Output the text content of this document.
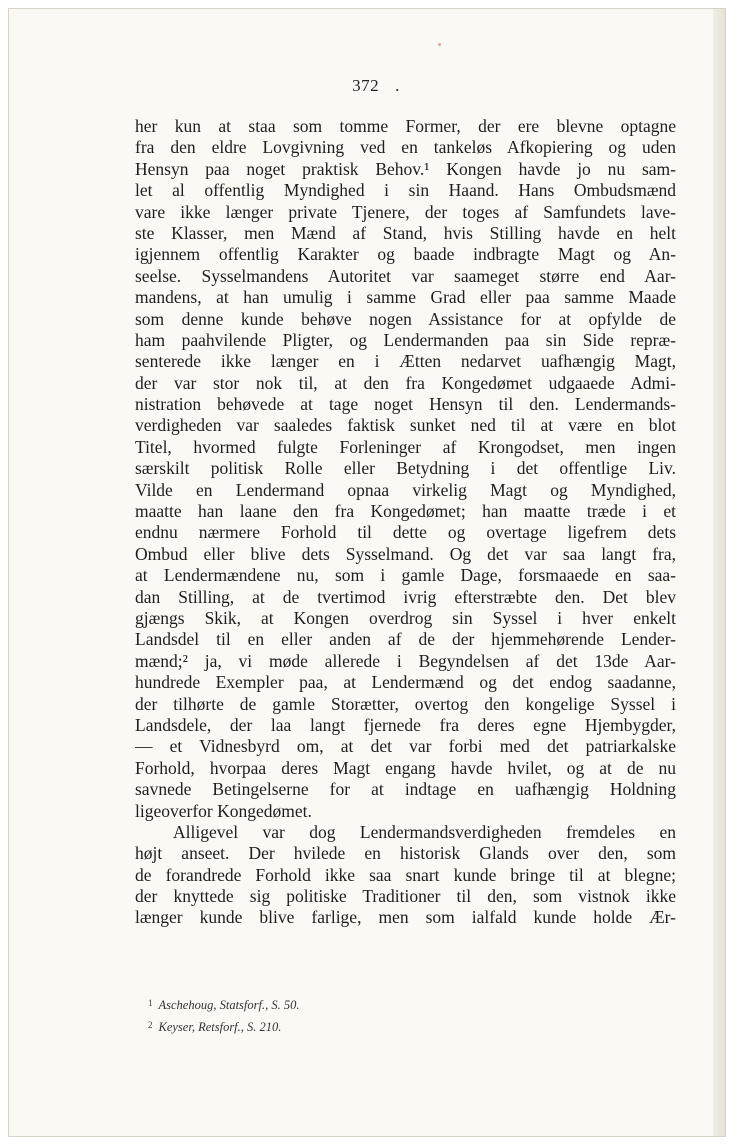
372 .
her kun at staa som tomme Former, der ere blevne optagne
fra den eldre Lovgivning ved en tankeløs Afkopiering og uden
Hensyn paa noget praktisk Behov.¹ Kongen havde jo nu sam-
let al offentlig Myndighed i sin Haand. Hans Ombudsmænd
vare ikke længer private Tjenere, der toges af Samfundets lave-
ste Klasser, men Mænd af Stand, hvis Stilling havde en helt
igjennem offentlig Karakter og baade indbragte Magt og An-
seelse. Sysselmandens Autoritet var saameget større end Aar-
mandens, at han umulig i samme Grad eller paa samme Maade
som denne kunde behøve nogen Assistance for at opfylde de
ham paahvilende Pligter, og Lendermanden paa sin Side repræ-
senterede ikke længer en i Ætten nedarvet uafhængig Magt,
der var stor nok til, at den fra Kongedømet udgaaede Admi-
nistration behøvede at tage noget Hensyn til den. Lendermands-
verdigheden var saaledes faktisk sunket ned til at være en blot
Titel, hvormed fulgte Forleninger af Krongodset, men ingen
særskilt politisk Rolle eller Betydning i det offentlige Liv.
Vilde en Lendermand opnaa virkelig Magt og Myndighed,
maatte han laane den fra Kongedømet; han maatte træde i et
endnu nærmere Forhold til dette og overtage ligefrem dets
Ombud eller blive dets Sysselmand. Og det var saa langt fra,
at Lendermændene nu, som i gamle Dage, forsmaaede en saa-
dan Stilling, at de tvertimod ivrig efterstræbte den. Det blev
gjængs Skik, at Kongen overdrog sin Syssel i hver enkelt
Landsdel til en eller anden af de der hjemmehørende Lender-
mænd;² ja, vi møde allerede i Begyndelsen af det 13de Aar-
hundrede Exempler paa, at Lendermænd og det endog saadanne,
der tilhørte de gamle Storætter, overtog den kongelige Syssel i
Landsdele, der laa langt fjernede fra deres egne Hjembygder,
— et Vidnesbyrd om, at det var forbi med det patriarkalske
Forhold, hvorpaa deres Magt engang havde hvilet, og at de nu
savnede Betingelserne for at indtage en uafhængig Holdning
ligeoverfor Kongedømet.
Alligevel var dog Lendermandsverdigheden fremdeles en
højt anseet. Der hvilede en historisk Glands over den, som
de forandrede Forhold ikke saa snart kunde bringe til at blegne;
der knyttede sig politiske Traditioner til den, som vistnok ikke
længer kunde blive farlige, men som ialfald kunde holde Ær-
$^1$ Aschehoug, Statsforf., S. 50.
$^2$ Keyser, Retsforf., S. 210.
